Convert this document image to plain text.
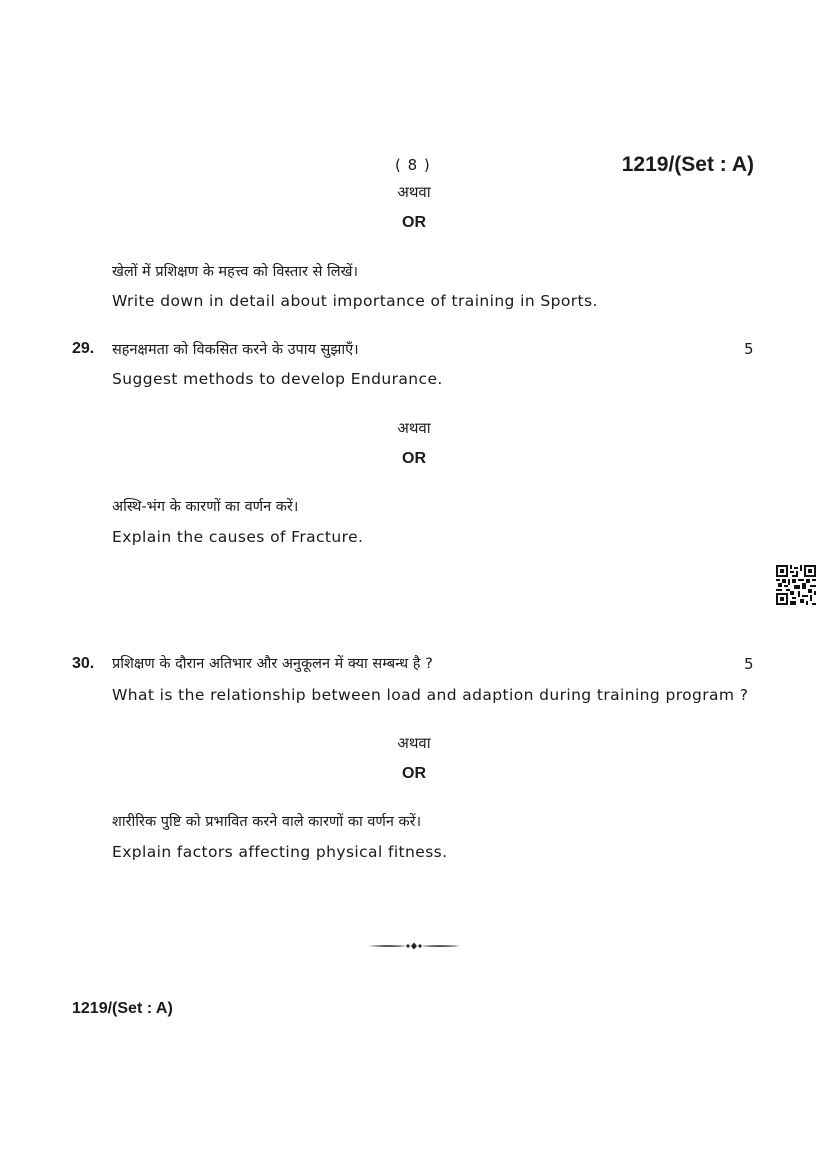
( 8 )	1219/(Set : A)
अथवा
OR
खेलों में प्रशिक्षण के महत्त्व को विस्तार से लिखें।
Write down in detail about importance of training in Sports.
29. सहनक्षमता को विकसित करने के उपाय सुझाएँ।	5
Suggest methods to develop Endurance.
अथवा
OR
अस्थि-भंग के कारणों का वर्णन करें।
Explain the causes of Fracture.
30. प्रशिक्षण के दौरान अतिभार और अनुकूलन में क्या सम्बन्ध है ?	5
What is the relationship between load and adaption during training program ?
अथवा
OR
शारीरिक पुष्टि को प्रभावित करने वाले कारणों का वर्णन करें।
Explain factors affecting physical fitness.
1219/(Set : A)
